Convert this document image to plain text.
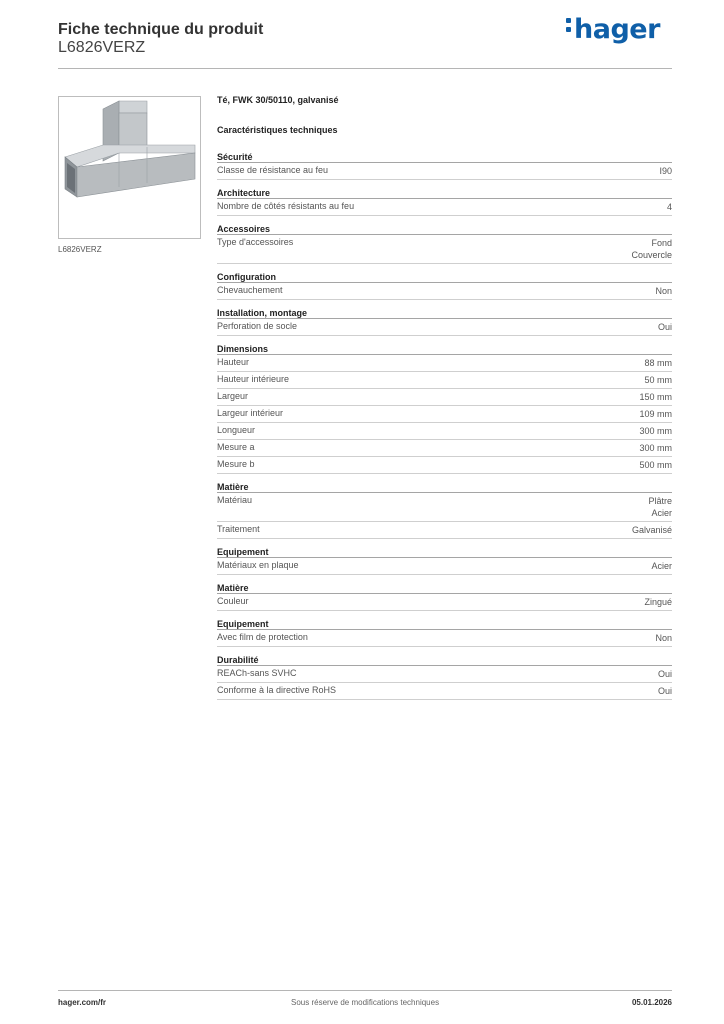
Fiche technique du produit
L6826VERZ
hager
L6826VERZ
Té, FWK 30/50110, galvanisé
Caractéristiques techniques
Sécurité
Classe de résistance au feu	I90
Architecture
Nombre de côtés résistants au feu	4
Accessoires
Type d'accessoires	Fond
Couvercle
Configuration
Chevauchement	Non
Installation, montage
Perforation de socle	Oui
Dimensions
Hauteur	88 mm
Hauteur intérieure	50 mm
Largeur	150 mm
Largeur intérieur	109 mm
Longueur	300 mm
Mesure a	300 mm
Mesure b	500 mm
Matière
Matériau	Plâtre
Acier
Traitement	Galvanisé
Equipement
Matériaux en plaque	Acier
Matière
Couleur	Zingué
Equipement
Avec film de protection	Non
Durabilité
REACh-sans SVHC	Oui
Conforme à la directive RoHS	Oui
hager.com/fr	Sous réserve de modifications techniques	05.01.2026
